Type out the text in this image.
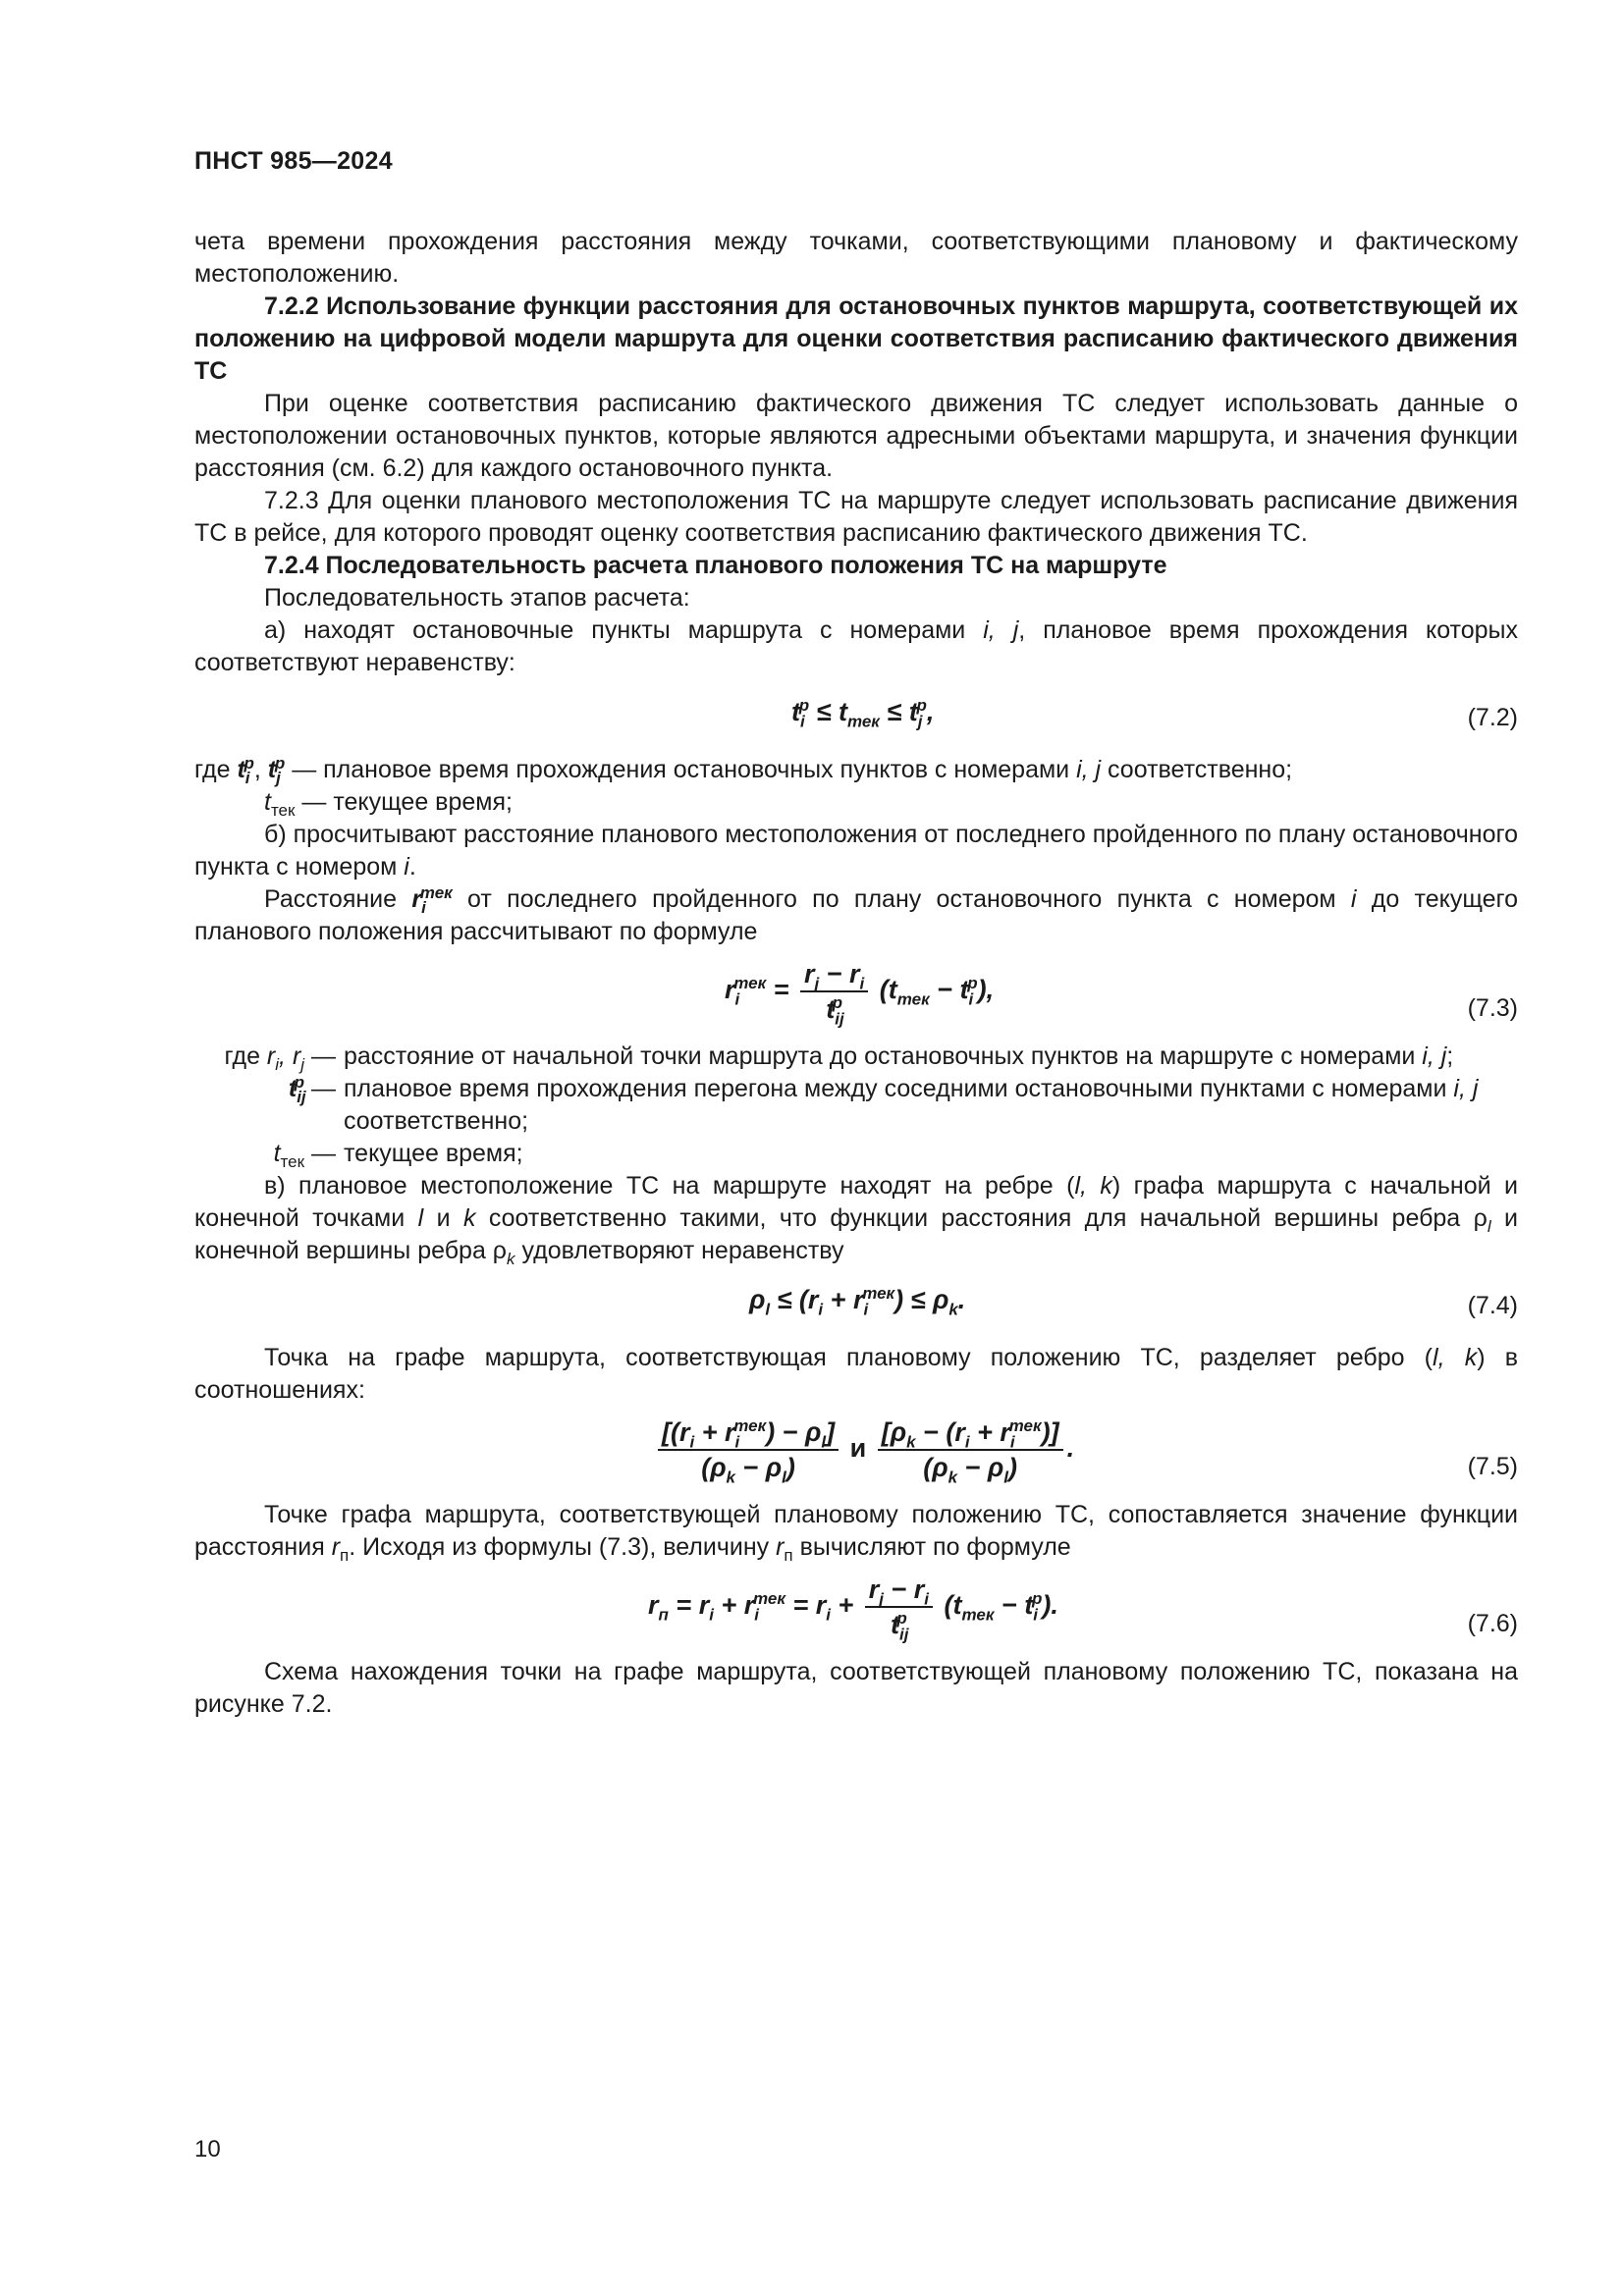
ПНСТ 985—2024

чета времени прохождения расстояния между точками, соответствующими плановому и фактическому местоположению.

7.2.2 Использование функции расстояния для остановочных пунктов маршрута, соответствующей их положению на цифровой модели маршрута для оценки соответствия расписанию фактического движения ТС

При оценке соответствия расписанию фактического движения ТС следует использовать данные о местоположении остановочных пунктов, которые являются адресными объектами маршрута, и значения функции расстояния (см. 6.2) для каждого остановочного пункта.

7.2.3 Для оценки планового местоположения ТС на маршруте следует использовать расписание движения ТС в рейсе, для которого проводят оценку соответствия расписанию фактического движения ТС.

7.2.4 Последовательность расчета планового положения ТС на маршруте

Последовательность этапов расчета:

а) находят остановочные пункты маршрута с номерами i, j, плановое время прохождения которых соответствуют неравенству:

$t_i^p \le t_{тек} \le t_j^p$,	(7.2)

где $t_i^p$, $t_j^p$ — плановое время прохождения остановочных пунктов с номерами i, j соответственно;

$t_{тек}$ — текущее время;

б) просчитывают расстояние планового местоположения от последнего пройденного по плану остановочного пункта с номером i.

Расстояние $r_i^{тек}$ от последнего пройденного по плану остановочного пункта с номером i до текущего планового положения рассчитывают по формуле

$r_i^{тек} = \frac{r_j - r_i}{t_{ij}^p} (t_{тек} - t_i^p)$,
(7.3)
где $r_i$, $r_j$ — расстояние от начальной точки маршрута до остановочных пунктов на маршруте с номерами i, j;
$t_{ij}^p$ — плановое время прохождения перегона между соседними остановочными пунктами с номерами i, j соответственно;
$t_{тек}$ — текущее время;

в) плановое местоположение ТС на маршруте находят на ребре (l, k) графа маршрута с начальной и конечной точками l и k соответственно такими, что функции расстояния для начальной вершины ребра $\rho_l$ и конечной вершины ребра $\rho_k$ удовлетворяют неравенству

$\rho_l \le (r_i + r_i^{тек}) \le \rho_k$.	(7.4)

Точка на графе маршрута, соответствующая плановому положению ТС, разделяет ребро (l, k) в соотношениях:

$\frac{[(r_i + r_i^{тек}) - \rho_l]}{(\rho_k - \rho_l)}$ и $\frac{[\rho_k - (r_i + r_i^{тек})]}{(\rho_k - \rho_l)}$ .
(7.5)

Точке графа маршрута, соответствующей плановому положению ТС, сопоставляется значение функции расстояния $r_п$. Исходя из формулы (7.3), величину $r_п$ вычисляют по формуле

$r_п = r_i + r_i^{тек} = r_i + \frac{r_j - r_i}{t_{ij}^p} (t_{тек} - t_i^p)$.
(7.6)

Схема нахождения точки на графе маршрута, соответствующей плановому положению ТС, показана на рисунке 7.2.

10
